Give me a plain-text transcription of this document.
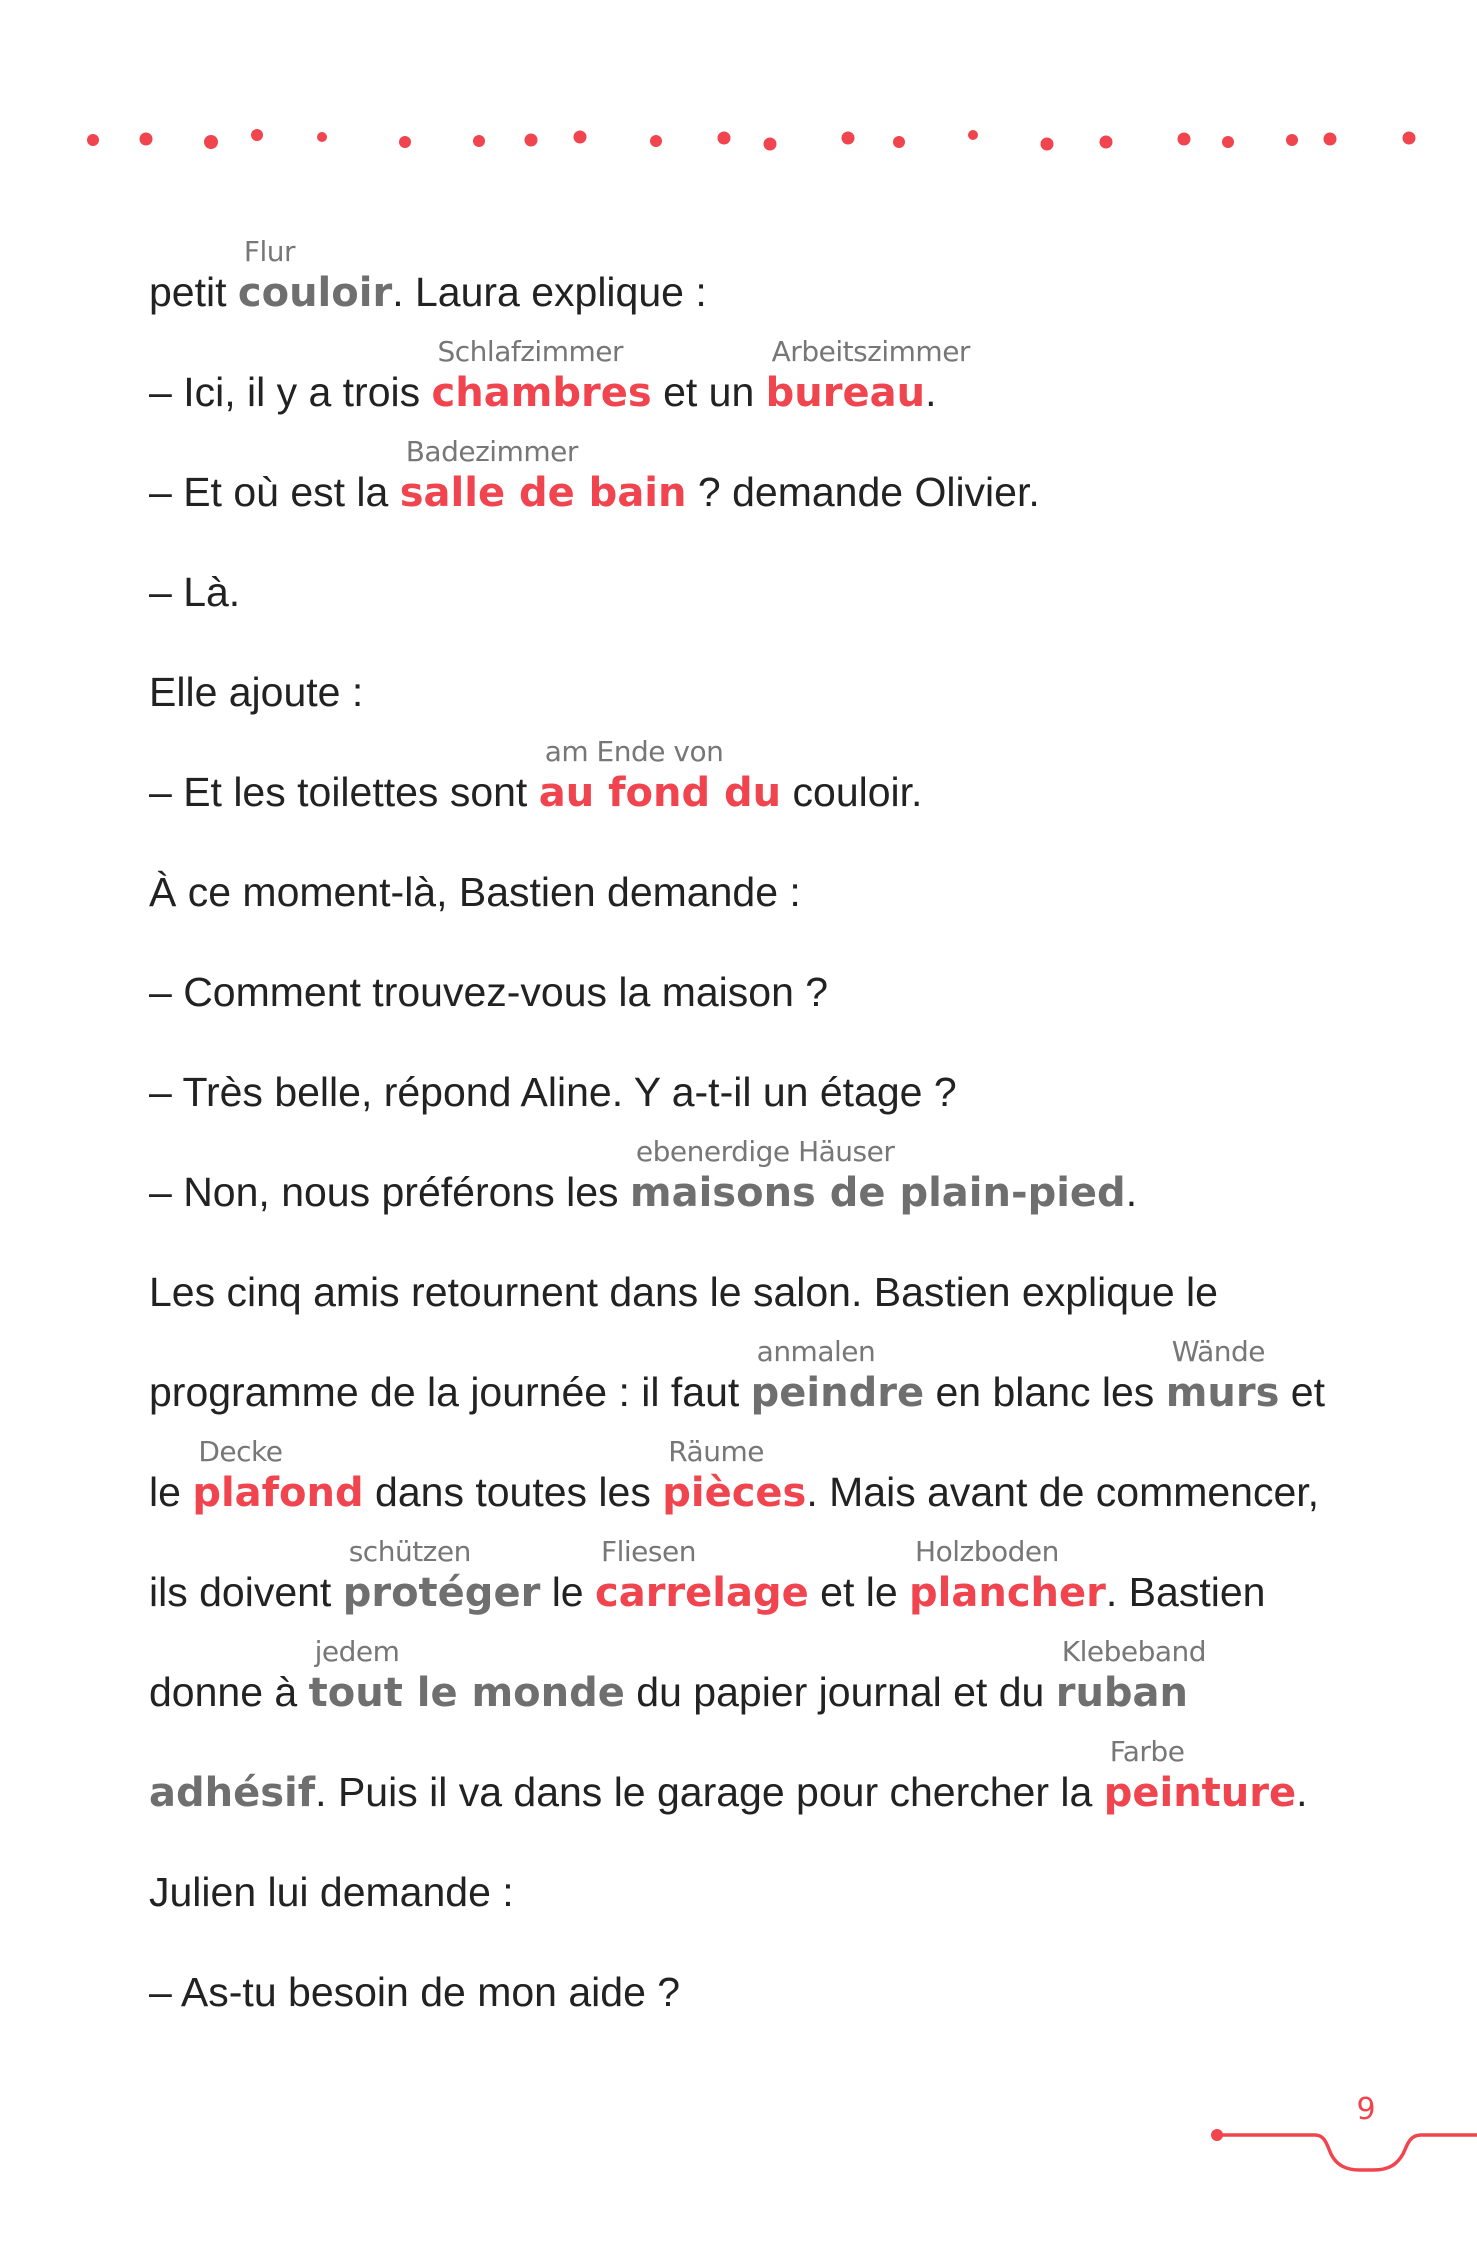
petit couloir
Flur
. Laura explique :
– Ici, il y a trois chambres
Schlafzimmer
et un bureau
Arbeitszimmer
.
– Et où est la salle de bain
Badezimmer
? demande Olivier.
– Là.
Elle ajoute :
– Et les toilettes sont au fond du
am Ende von
couloir.
À ce moment-là, Bastien demande :
– Comment trouvez-vous la maison ?
– Très belle, répond Aline. Y a-t-il un étage ?
– Non, nous préférons les maisons de plain-pied
ebenerdige Häuser
.
Les cinq amis retournent dans le salon. Bastien explique le
programme de la journée : il faut peindre
anmalen
en blanc les murs
Wände
et
le plafond
Decke
dans toutes les pièces
Räume
. Mais avant de commencer,
ils doivent protéger
schützen
le carrelage
Fliesen
et le plancher
Holzboden
. Bastien
donne à tout le monde
jedem
du papier journal et du ruban
Klebeband
adhésif. Puis il va dans le garage pour chercher la peinture
Farbe
.
Julien lui demande :
– As-tu besoin de mon aide ?
9
